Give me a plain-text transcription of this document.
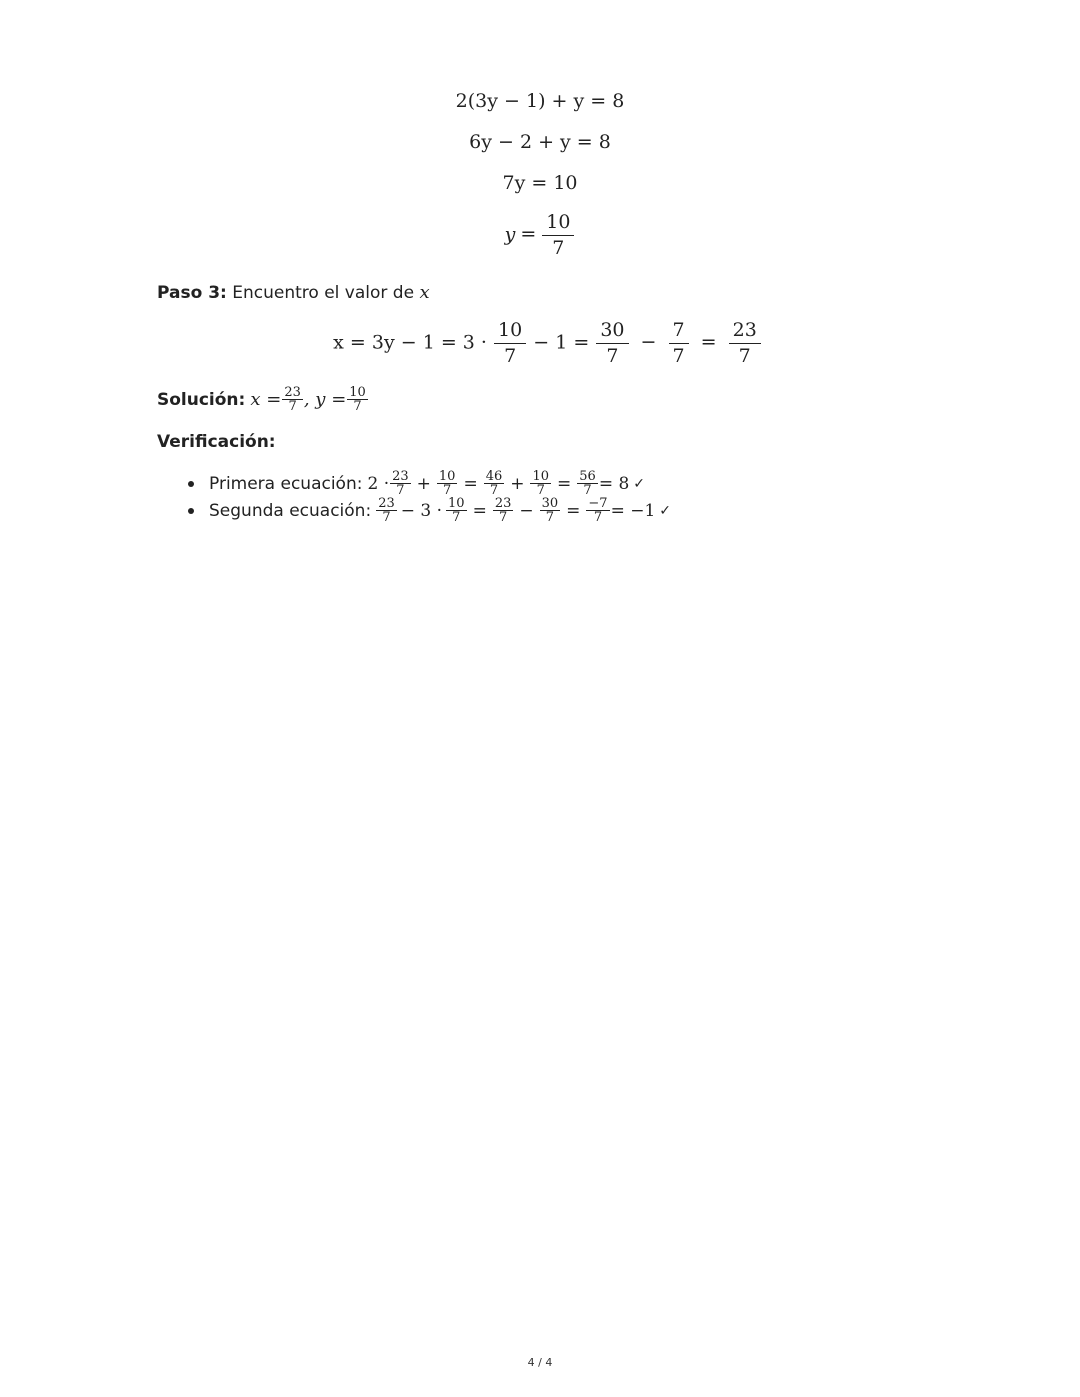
2(3y − 1) + y = 8
6y − 2 + y = 8
7y = 10
$y = \frac{10}{7}$
Paso 3: Encuentro el valor de x
$x = 3y - 1 = 3 \cdot \frac{10}{7} - 1 = \frac{30}{7} - \frac{7}{7} = \frac{23}{7}$
Solución: $x = \frac{23}{7}$ , $y = \frac{10}{7}$
Verificación:
Primera ecuación: $2 \cdot \frac{23}{7} + \frac{10}{7} = \frac{46}{7} + \frac{10}{7} = \frac{56}{7} = 8$ ✓
Segunda ecuación: $\frac{23}{7} - 3 \cdot \frac{10}{7} = \frac{23}{7} - \frac{30}{7} = \frac{-7}{7} = -1$ ✓
4 / 4
